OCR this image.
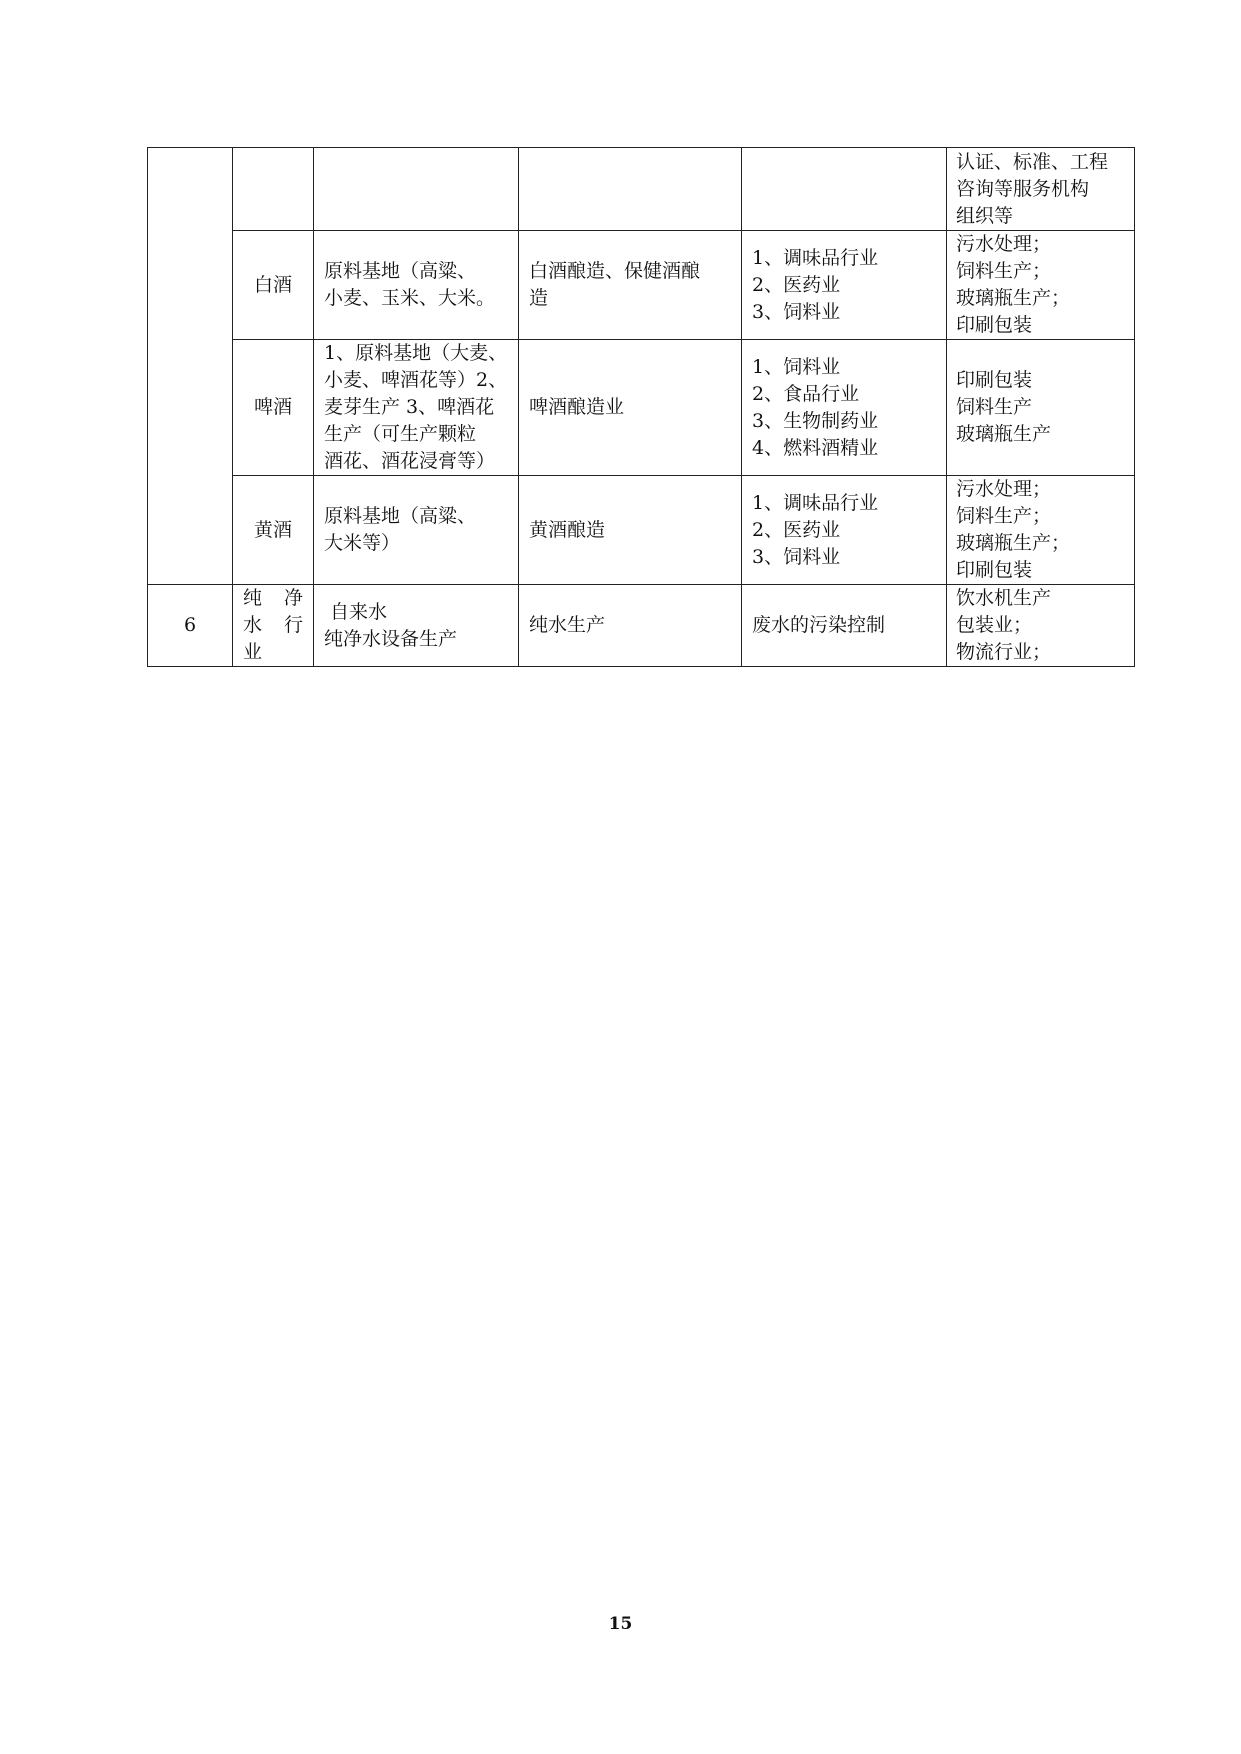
					认证、标准、工程
咨询等服务机构
组织等

	白酒	原料基地（高粱、
小麦、玉米、大米。	白酒酿造、保健酒酿
造	1、调味品行业
2、医药业
3、饲料业	污水处理；
饲料生产；
玻璃瓶生产；
印刷包装

	啤酒	1、原料基地（大麦、
小麦、啤酒花等）2、
麦芽生产 3、啤酒花
生产（可生产颗粒
酒花、酒花浸膏等）	啤酒酿造业	1、饲料业
2、食品行业
3、生物制药业
4、燃料酒精业	印刷包装
饲料生产
玻璃瓶生产

	黄酒	原料基地（高粱、
大米等）	黄酒酿造	1、调味品行业
2、医药业
3、饲料业	污水处理；
饲料生产；
玻璃瓶生产；
印刷包装

6	纯 净
水 行
业	自来水
纯净水设备生产	纯水生产	废水的污染控制	饮水机生产
包装业；
物流行业；
15
